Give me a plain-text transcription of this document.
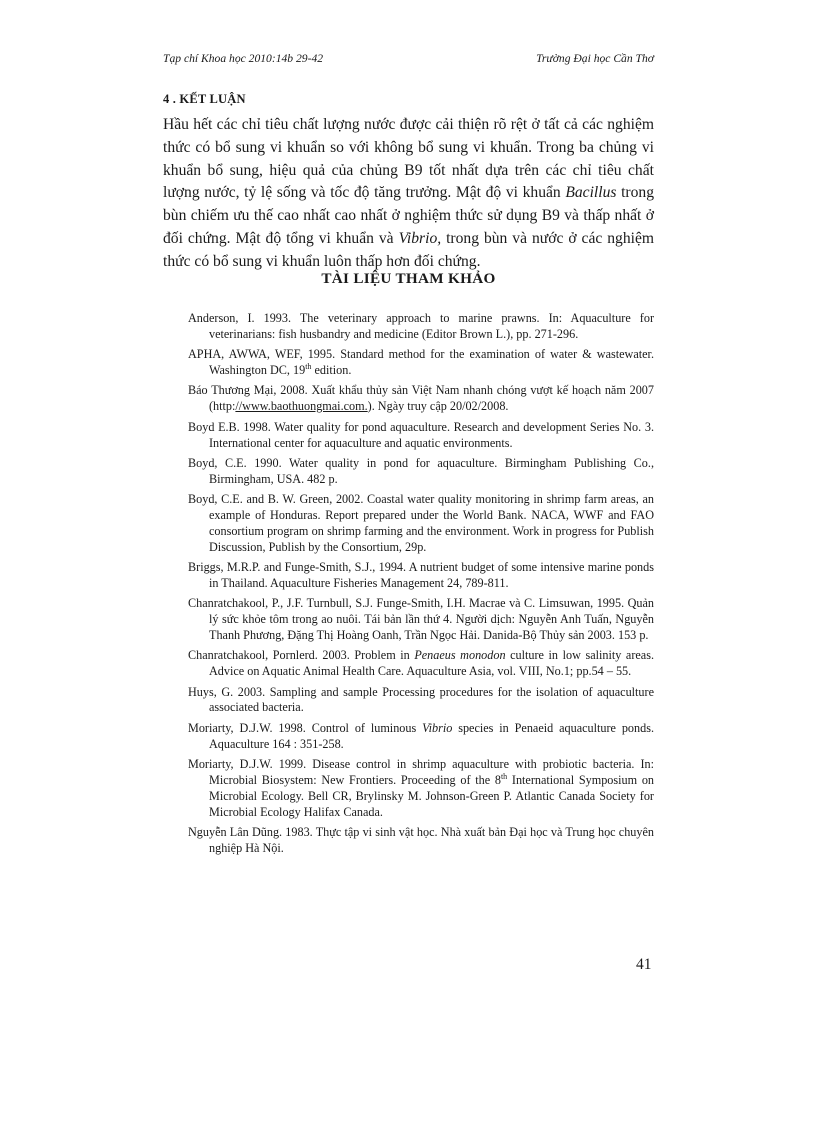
Tạp chí Khoa học 2010:14b 29-42	Trường Đại học Cần Thơ
4 . KẾT LUẬN

Hầu hết các chỉ tiêu chất lượng nước được cải thiện rõ rệt ở tất cả các nghiệm thức có bổ sung vi khuẩn so với không bổ sung vi khuẩn. Trong ba chủng vi khuẩn bổ sung, hiệu quả của chủng B9 tốt nhất dựa trên các chỉ tiêu chất lượng nước, tỷ lệ sống và tốc độ tăng trưởng. Mật độ vi khuẩn Bacillus trong bùn chiếm ưu thế cao nhất cao nhất ở nghiệm thức sử dụng B9 và thấp nhất ở đối chứng. Mật độ tổng vi khuẩn và Vibrio, trong bùn và nước ở các nghiệm thức có bổ sung vi khuẩn luôn thấp hơn đối chứng.

TÀI LIỆU THAM KHẢO
Anderson, I. 1993. The veterinary approach to marine prawns. In: Aquaculture for veterinarians: fish husbandry and medicine (Editor Brown L.), pp. 271-296.
APHA, AWWA, WEF, 1995. Standard method for the examination of water & wastewater. Washington DC, 19th edition.
Báo Thương Mại, 2008. Xuất khẩu thủy sản Việt Nam nhanh chóng vượt kế hoạch năm 2007 (http://www.baothuongmai.com.). Ngày truy cập 20/02/2008.
Boyd E.B. 1998. Water quality for pond aquaculture. Research and development Series No. 3. International center for aquaculture and aquatic environments.
Boyd, C.E. 1990. Water quality in pond for aquaculture. Birmingham Publishing Co., Birmingham, USA. 482 p.
Boyd, C.E. and B. W. Green, 2002. Coastal water quality monitoring in shrimp farm areas, an example of Honduras. Report prepared under the World Bank. NACA, WWF and FAO consortium program on shrimp farming and the environment. Work in progress for Publish Discussion, Publish by the Consortium, 29p.
Briggs, M.R.P. and Funge-Smith, S.J., 1994. A nutrient budget of some intensive marine ponds in Thailand. Aquaculture Fisheries Management 24, 789-811.
Chanratchakool, P., J.F. Turnbull, S.J. Funge-Smith, I.H. Macrae và C. Limsuwan, 1995. Quản lý sức khỏe tôm trong ao nuôi. Tái bản lần thứ 4. Người dịch: Nguyễn Anh Tuấn, Nguyễn Thanh Phương, Đặng Thị Hoàng Oanh, Trần Ngọc Hải. Danida-Bộ Thủy sản 2003. 153 p.
Chanratchakool, Pornlerd. 2003. Problem in Penaeus monodon culture in low salinity areas. Advice on Aquatic Animal Health Care. Aquaculture Asia, vol. VIII, No.1; pp.54 – 55.
Huys, G. 2003. Sampling and sample Processing procedures for the isolation of aquaculture associated bacteria.
Moriarty, D.J.W. 1998. Control of luminous Vibrio species in Penaeid aquaculture ponds. Aquaculture 164 : 351-258.
Moriarty, D.J.W. 1999. Disease control in shrimp aquaculture with probiotic bacteria. In: Microbial Biosystem: New Frontiers. Proceeding of the 8th International Symposium on Microbial Ecology. Bell CR, Brylinsky M. Johnson-Green P. Atlantic Canada Society for Microbial Ecology Halifax Canada.
Nguyễn Lân Dũng. 1983. Thực tập vi sinh vật học. Nhà xuất bản Đại học và Trung học chuyên nghiệp Hà Nội.
41
